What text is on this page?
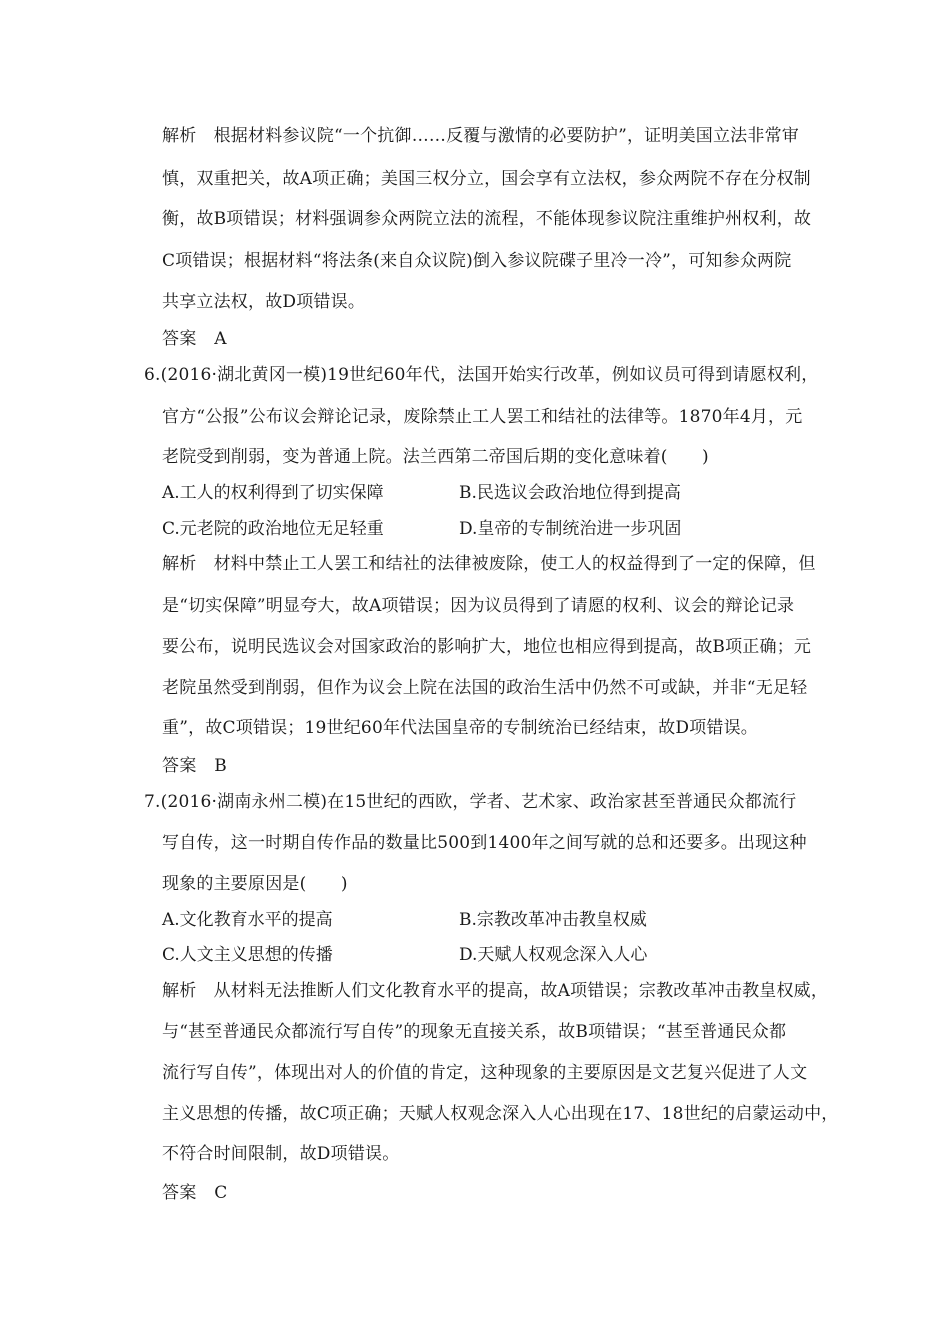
解析　根据材料参议院“一个抗御……反覆与激情的必要防护”，证明美国立法非常审
慎，双重把关，故A项正确；美国三权分立，国会享有立法权，参众两院不存在分权制
衡，故B项错误；材料强调参众两院立法的流程，不能体现参议院注重维护州权利，故
C项错误；根据材料“将法条(来自众议院)倒入参议院碟子里冷一冷”，可知参众两院
共享立法权，故D项错误。
答案　A
6.(2016·湖北黄冈一模)19世纪60年代，法国开始实行改革，例如议员可得到请愿权利，
官方“公报”公布议会辩论记录，废除禁止工人罢工和结社的法律等。1870年4月，元
老院受到削弱，变为普通上院。法兰西第二帝国后期的变化意味着(　　)
A.工人的权利得到了切实保障	B.民选议会政治地位得到提高
C.元老院的政治地位无足轻重	D.皇帝的专制统治进一步巩固
解析　材料中禁止工人罢工和结社的法律被废除，使工人的权益得到了一定的保障，但
是“切实保障”明显夸大，故A项错误；因为议员得到了请愿的权利、议会的辩论记录
要公布，说明民选议会对国家政治的影响扩大，地位也相应得到提高，故B项正确；元
老院虽然受到削弱，但作为议会上院在法国的政治生活中仍然不可或缺，并非“无足轻
重”，故C项错误；19世纪60年代法国皇帝的专制统治已经结束，故D项错误。
答案　B
7.(2016·湖南永州二模)在15世纪的西欧，学者、艺术家、政治家甚至普通民众都流行
写自传，这一时期自传作品的数量比500到1400年之间写就的总和还要多。出现这种
现象的主要原因是(　　)
A.文化教育水平的提高	B.宗教改革冲击教皇权威
C.人文主义思想的传播	D.天赋人权观念深入人心
解析　从材料无法推断人们文化教育水平的提高，故A项错误；宗教改革冲击教皇权威，
与“甚至普通民众都流行写自传”的现象无直接关系，故B项错误；“甚至普通民众都
流行写自传”，体现出对人的价值的肯定，这种现象的主要原因是文艺复兴促进了人文
主义思想的传播，故C项正确；天赋人权观念深入人心出现在17、18世纪的启蒙运动中，
不符合时间限制，故D项错误。
答案　C
